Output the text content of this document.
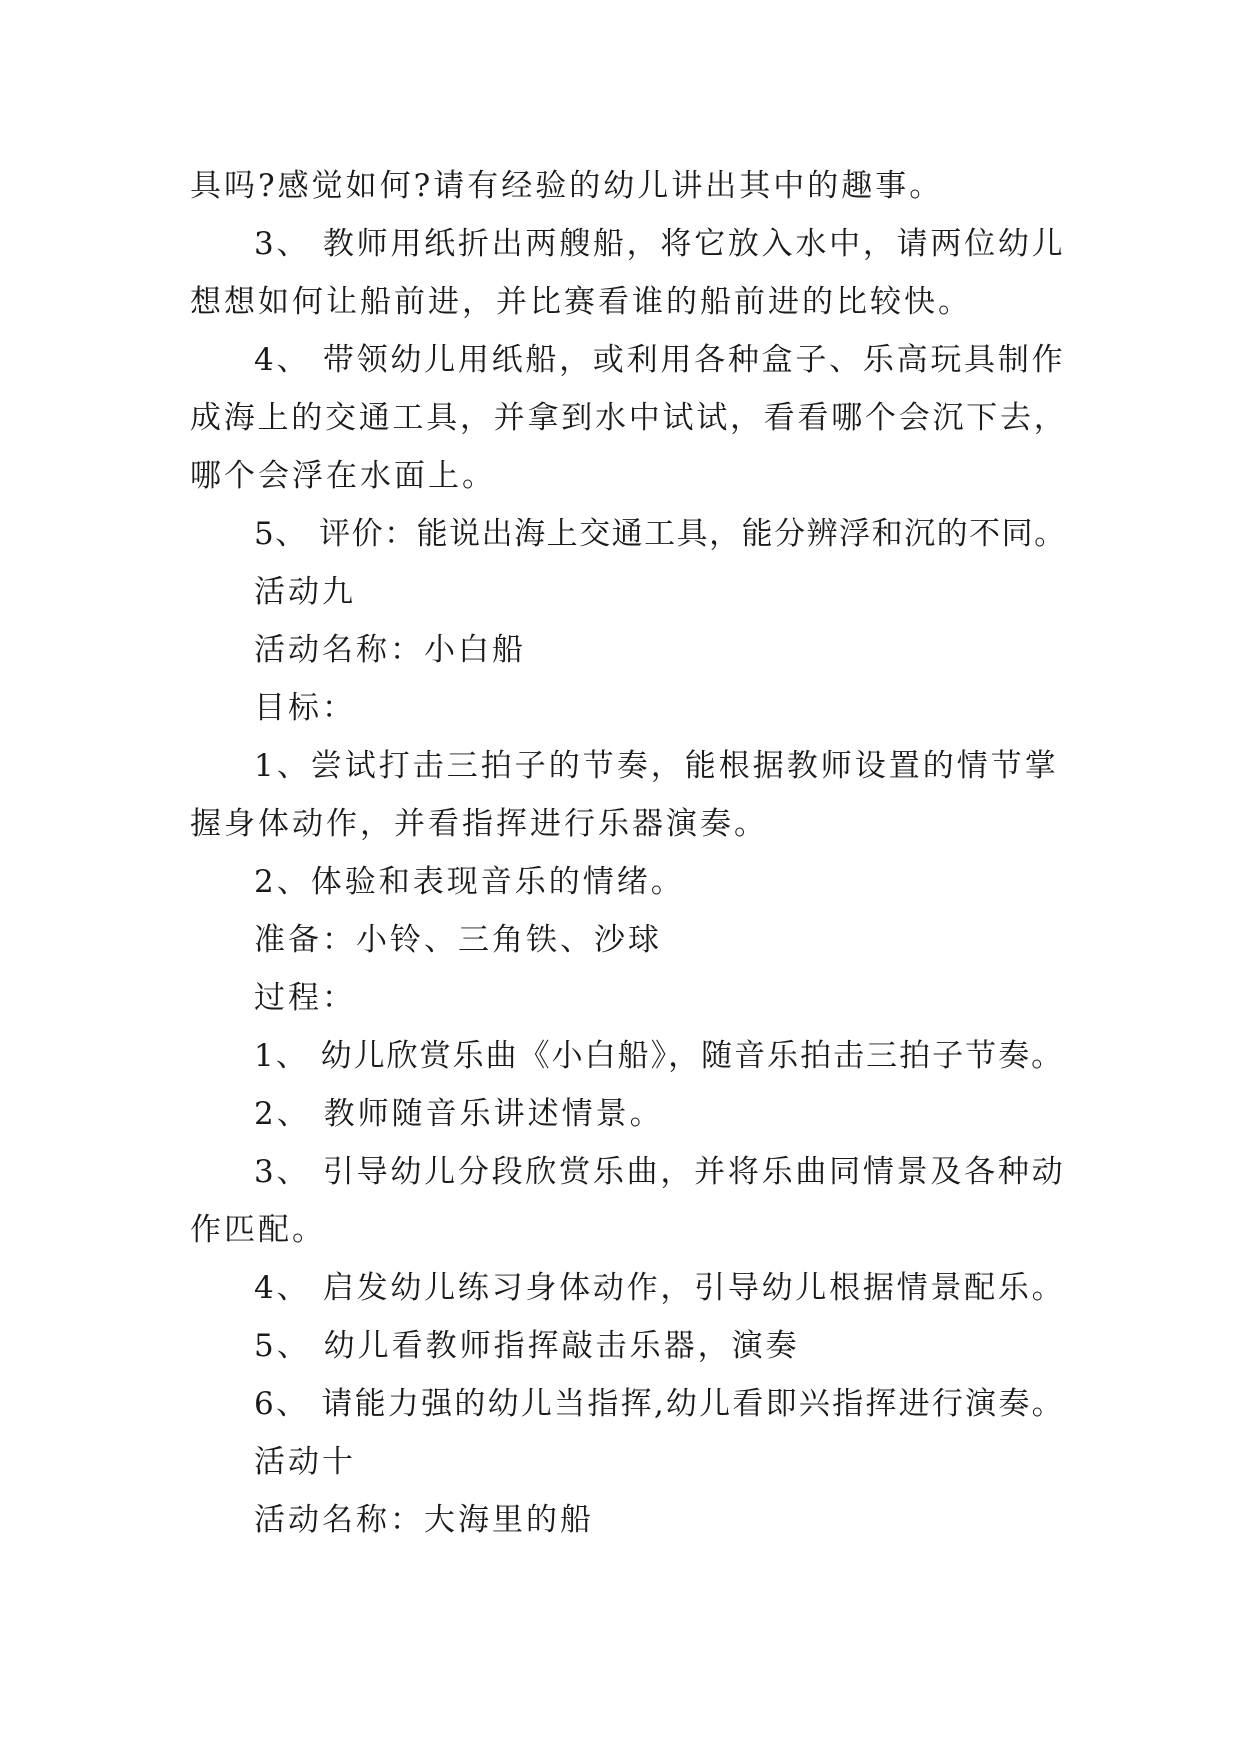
具吗?感觉如何?请有经验的幼儿讲出其中的趣事。
3、 教师用纸折出两艘船，将它放入水中，请两位幼儿
想想如何让船前进，并比赛看谁的船前进的比较快。
4、 带领幼儿用纸船，或利用各种盒子、乐高玩具制作
成海上的交通工具，并拿到水中试试，看看哪个会沉下去，
哪个会浮在水面上。
5、 评价：能说出海上交通工具，能分辨浮和沉的不同。
活动九
活动名称：小白船
目标：
1、尝试打击三拍子的节奏，能根据教师设置的情节掌
握身体动作，并看指挥进行乐器演奏。
2、体验和表现音乐的情绪。
准备：小铃、三角铁、沙球
过程：
1、 幼儿欣赏乐曲《小白船》，随音乐拍击三拍子节奏。
2、 教师随音乐讲述情景。
3、 引导幼儿分段欣赏乐曲，并将乐曲同情景及各种动
作匹配。
4、 启发幼儿练习身体动作，引导幼儿根据情景配乐。
5、 幼儿看教师指挥敲击乐器，演奏
6、 请能力强的幼儿当指挥,幼儿看即兴指挥进行演奏。
活动十
活动名称：大海里的船
